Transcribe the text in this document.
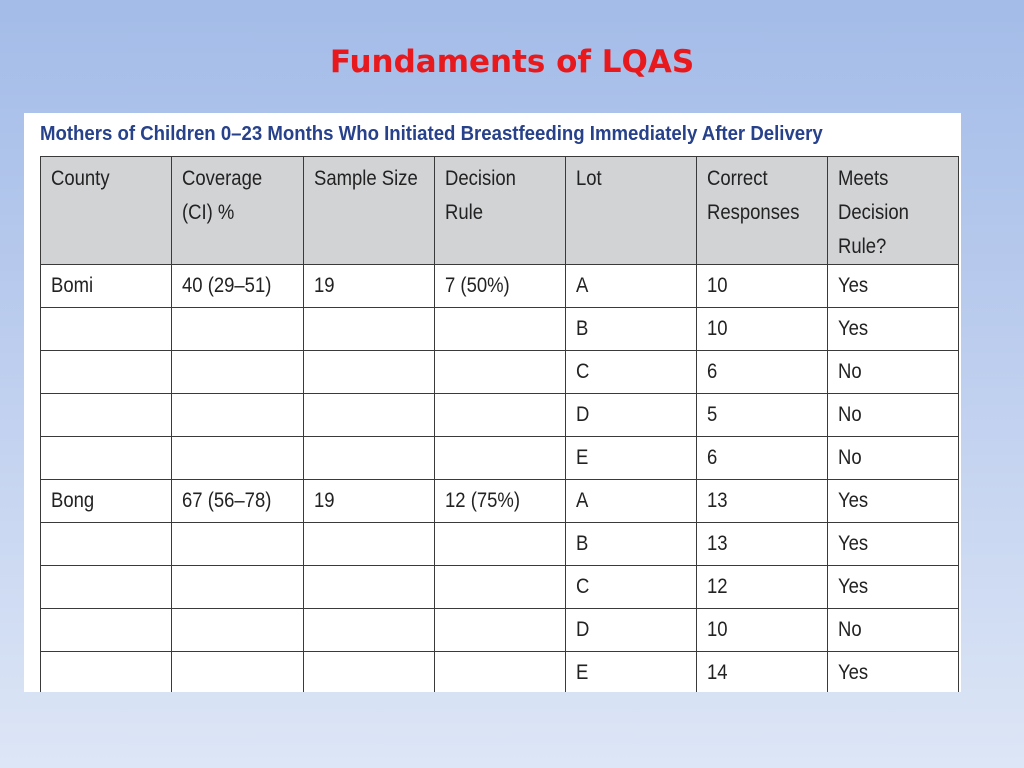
Fundaments of LQAS
Mothers of Children 0–23 Months Who Initiated Breastfeeding Immediately After Delivery
County	Coverage (CI) %	Sample Size	Decision Rule	Lot	Correct Responses	Meets Decision Rule?
Bomi	40 (29–51)	19	7 (50%)	A	10	Yes
				B	10	Yes
				C	6	No
				D	5	No
				E	6	No
Bong	67 (56–78)	19	12 (75%)	A	13	Yes
				B	13	Yes
				C	12	Yes
				D	10	No
				E	14	Yes
